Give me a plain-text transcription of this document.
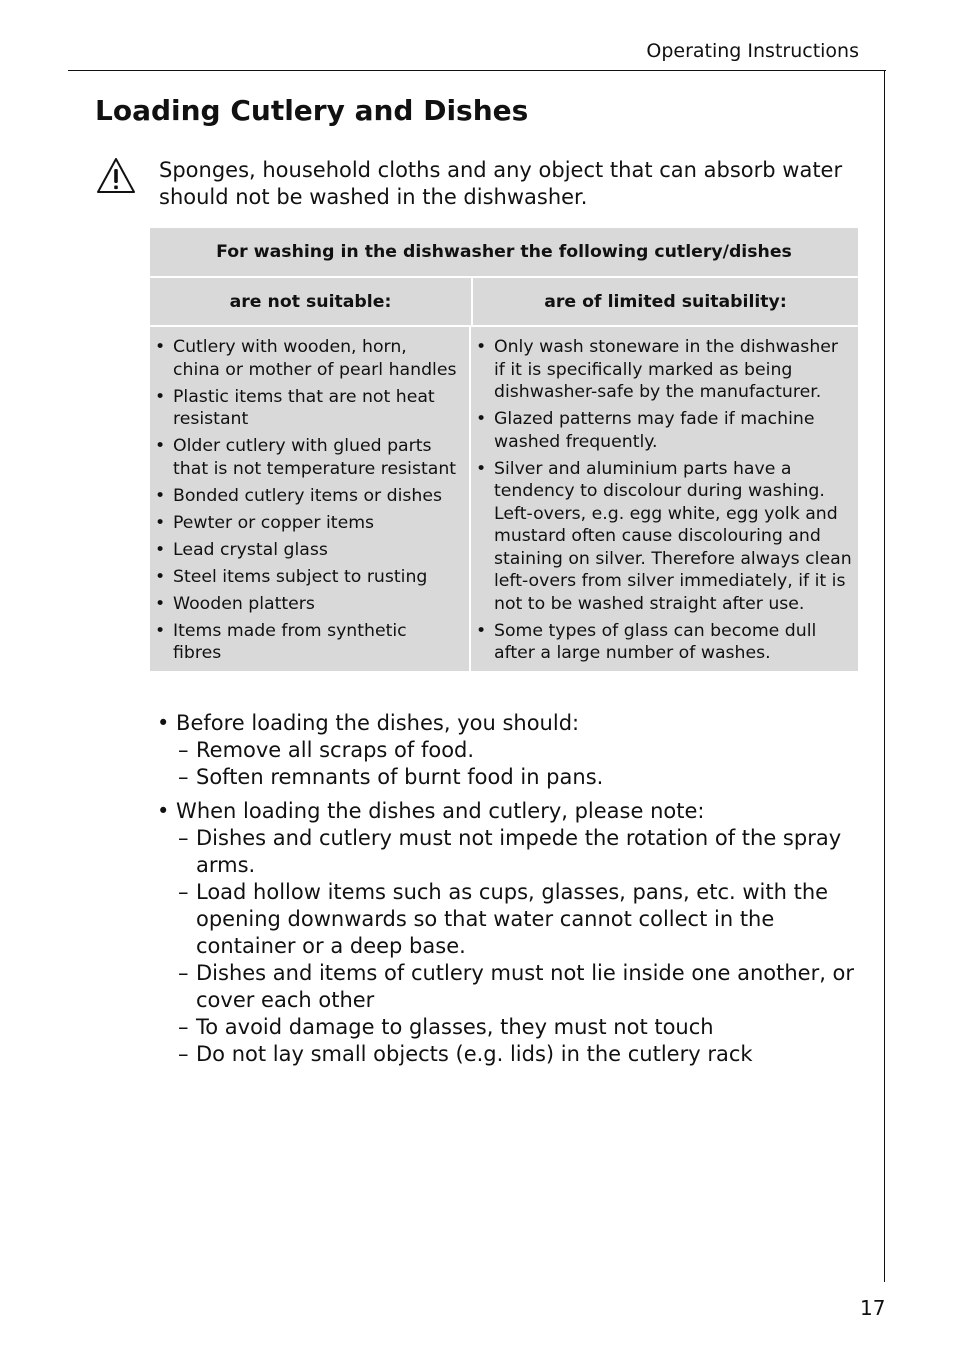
Operating Instructions
Loading Cutlery and Dishes
Sponges, household cloths and any object that can absorb water should not be washed in the dishwasher.
For washing in the dishwasher the following cutlery/dishes
are not suitable:	are of limited suitability:
• Cutlery with wooden, horn, china or mother of pearl handles
• Plastic items that are not heat resistant
• Older cutlery with glued parts that is not temperature resistant
• Bonded cutlery items or dishes
• Pewter or copper items
• Lead crystal glass
• Steel items subject to rusting
• Wooden platters
• Items made from synthetic fibres
• Only wash stoneware in the dishwasher if it is specifically marked as being dishwasher-safe by the manufacturer.
• Glazed patterns may fade if machine washed frequently.
• Silver and aluminium parts have a tendency to discolour during washing. Left-overs, e.g. egg white, egg yolk and mustard often cause discolouring and staining on silver. Therefore always clean left-overs from silver immediately, if it is not to be washed straight after use.
• Some types of glass can become dull after a large number of washes.
• Before loading the dishes, you should:
– Remove all scraps of food.
– Soften remnants of burnt food in pans.
• When loading the dishes and cutlery, please note:
– Dishes and cutlery must not impede the rotation of the spray arms.
– Load hollow items such as cups, glasses, pans, etc. with the opening downwards so that water cannot collect in the container or a deep base.
– Dishes and items of cutlery must not lie inside one another, or cover each other
– To avoid damage to glasses, they must not touch
– Do not lay small objects (e.g. lids) in the cutlery rack
17
